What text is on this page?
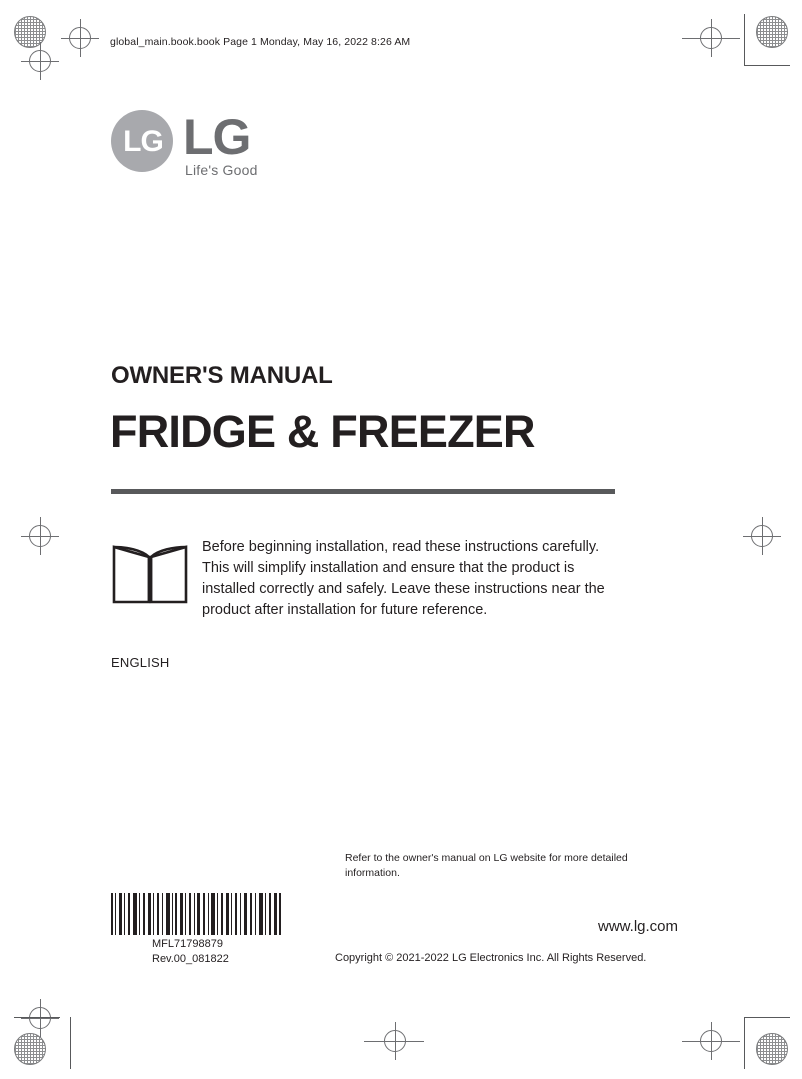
global_main.book.book Page 1 Monday, May 16, 2022 8:26 AM
LG LG
Life's Good
OWNER'S MANUAL
FRIDGE & FREEZER
Before beginning installation, read these instructions carefully. This will simplify installation and ensure that the product is installed correctly and safely. Leave these instructions near the product after installation for future reference.
ENGLISH
Refer to the owner's manual on LG website for more detailed information.
MFL71798879
Rev.00_081822
www.lg.com
Copyright © 2021-2022 LG Electronics Inc. All Rights Reserved.
